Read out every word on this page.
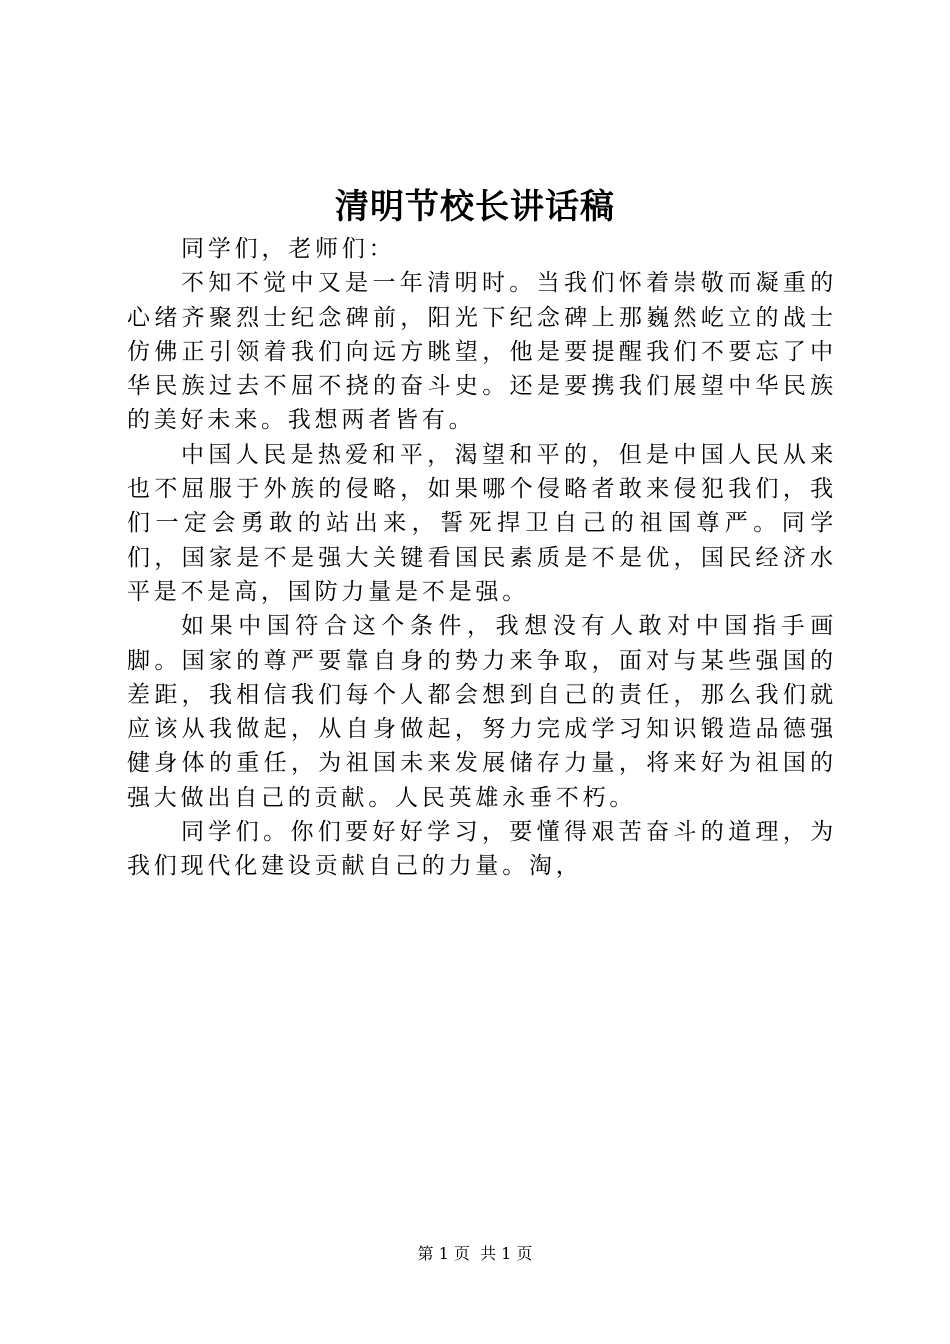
清明节校长讲话稿

同学们，老师们：

不知不觉中又是一年清明时。当我们怀着崇敬而凝重的心绪齐聚烈士纪念碑前，阳光下纪念碑上那巍然屹立的战士仿佛正引领着我们向远方眺望，他是要提醒我们不要忘了中华民族过去不屈不挠的奋斗史。还是要携我们展望中华民族的美好未来。我想两者皆有。

中国人民是热爱和平，渴望和平的，但是中国人民从来也不屈服于外族的侵略，如果哪个侵略者敢来侵犯我们，我们一定会勇敢的站出来，誓死捍卫自己的祖国尊严。同学们，国家是不是强大关键看国民素质是不是优，国民经济水平是不是高，国防力量是不是强。

如果中国符合这个条件，我想没有人敢对中国指手画脚。国家的尊严要靠自身的势力来争取，面对与某些强国的差距，我相信我们每个人都会想到自己的责任，那么我们就应该从我做起，从自身做起，努力完成学习知识锻造品德强健身体的重任，为祖国未来发展储存力量，将来好为祖国的强大做出自己的贡献。人民英雄永垂不朽。

同学们。你们要好好学习，要懂得艰苦奋斗的道理，为我们现代化建设贡献自己的力量。淘，

第 1 页  共 1 页
